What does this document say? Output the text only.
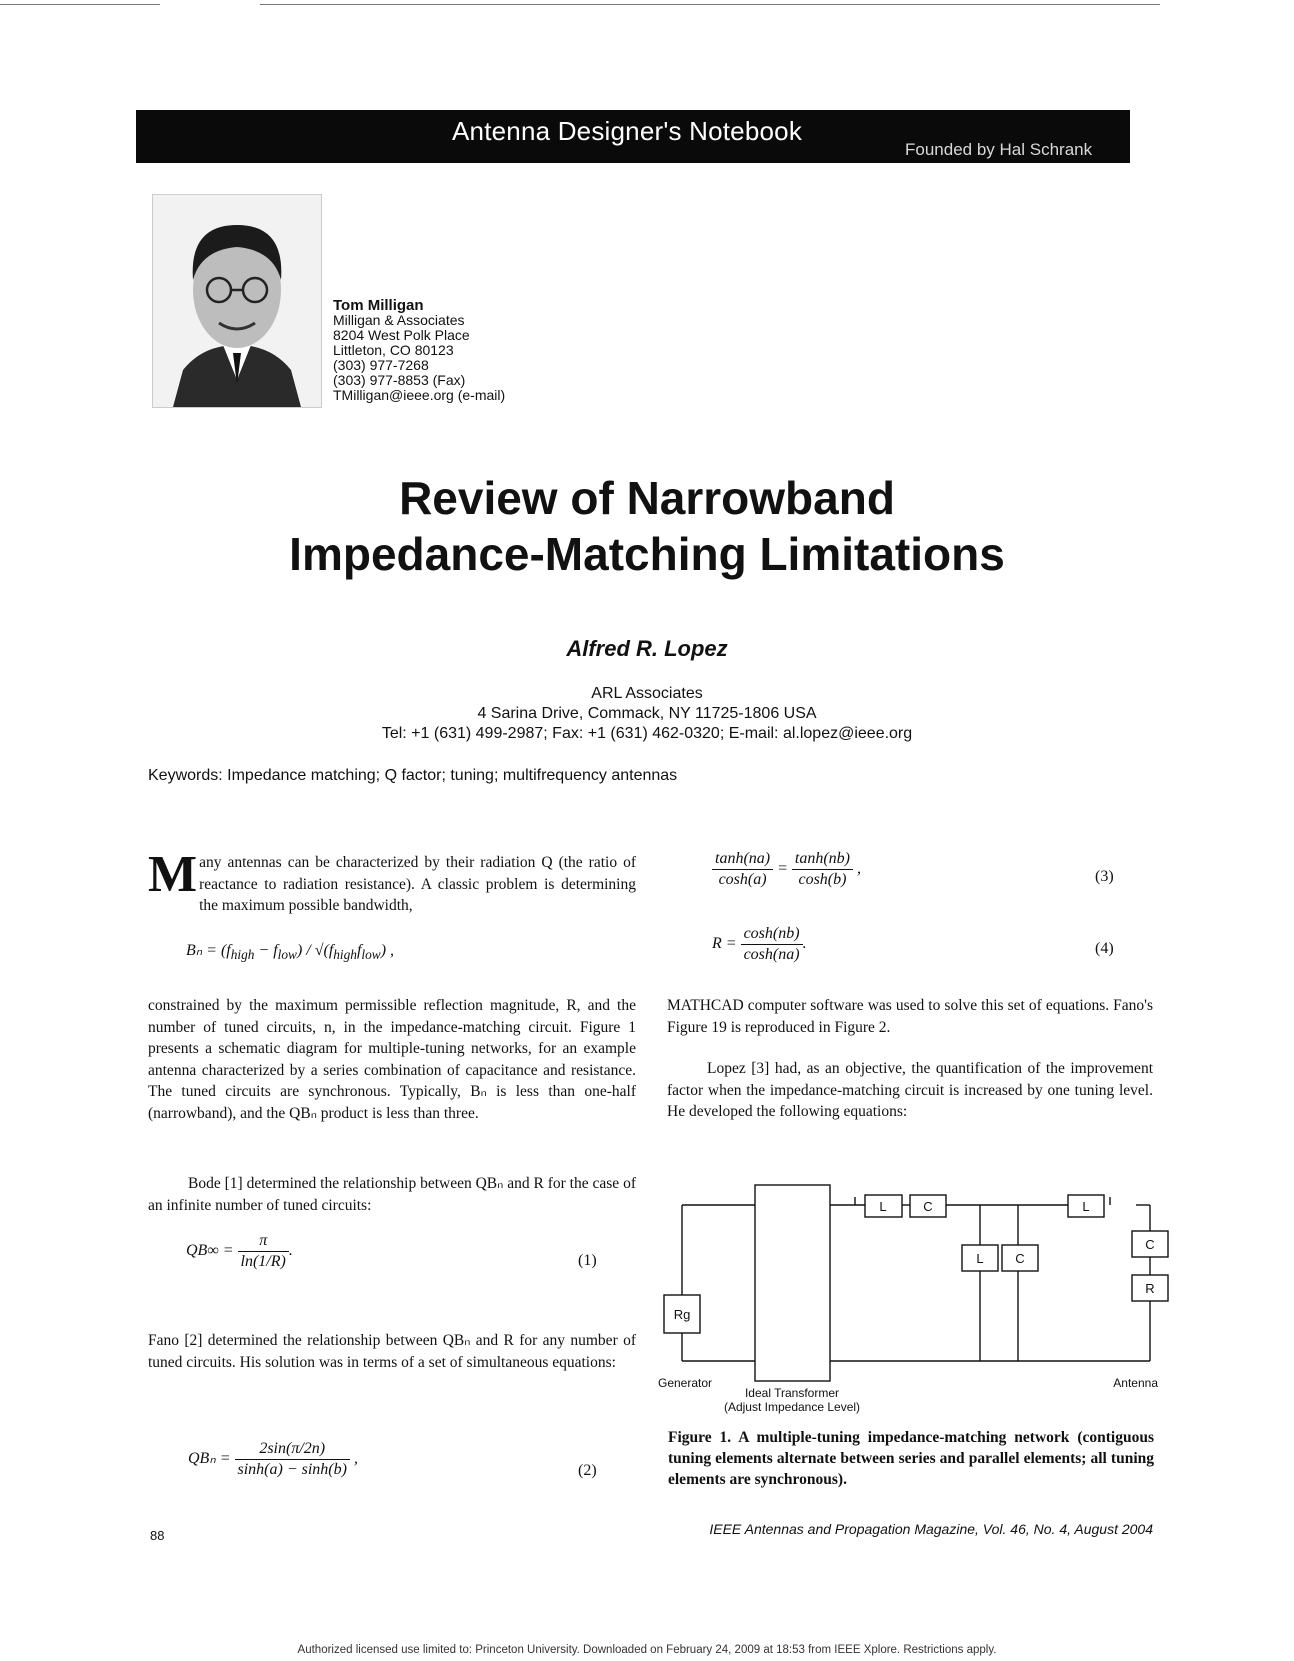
Antenna Designer's Notebook
Founded by Hal Schrank
Tom Milligan
Milligan & Associates
8204 West Polk Place
Littleton, CO 80123
(303) 977-7268
(303) 977-8853 (Fax)
TMilligan@ieee.org (e-mail)
Review of Narrowband
Impedance-Matching Limitations
Alfred R. Lopez
ARL Associates
4 Sarina Drive, Commack, NY 11725-1806 USA
Tel: +1 (631) 499-2987; Fax: +1 (631) 462-0320; E-mail: al.lopez@ieee.org
Keywords: Impedance matching; Q factor; tuning; multifrequency antennas
Many antennas can be characterized by their radiation Q (the ratio of reactance to radiation resistance). A classic problem is determining the maximum possible bandwidth,
$B_n = (f_{high} - f_{low}) / √(f_{high}f_{low})$ ,
constrained by the maximum permissible reflection magnitude, R, and the number of tuned circuits, n, in the impedance-matching circuit. Figure 1 presents a schematic diagram for multiple-tuning networks, for an example antenna characterized by a series combination of capacitance and resistance. The tuned circuits are synchronous. Typically, Bₙ is less than one-half (narrowband), and the QBₙ product is less than three.
Bode [1] determined the relationship between QBₙ and R for the case of an infinite number of tuned circuits:
$QB\infty = \frac{\pi}{\ln(1/R)}$ .
(1)
Fano [2] determined the relationship between QBₙ and R for any number of tuned circuits. His solution was in terms of a set of simultaneous equations:
$QB_n = \frac{2\sin(\pi/2n)}{\sinh(a) - \sinh(b)}$ ,
(2)
$\frac{\tanh(na)}{\cosh(a)} = \frac{\tanh(nb)}{\cosh(b)}$ ,	(3)
$R = \frac{\cosh(nb)}{\cosh(na)}$ .	(4)
MATHCAD computer software was used to solve this set of equations. Fano's Figure 19 is reproduced in Figure 2.
Lopez [3] had, as an objective, the quantification of the improvement factor when the impedance-matching circuit is increased by one tuning level. He developed the following equations:
Rg
L	C
L C
L
C
R
Generator
Ideal Transformer
(Adjust Impedance Level)
Antenna
Figure 1. A multiple-tuning impedance-matching network (contiguous tuning elements alternate between series and parallel elements; all tuning elements are synchronous).
88	IEEE Antennas and Propagation Magazine, Vol. 46, No. 4, August 2004
Authorized licensed use limited to: Princeton University. Downloaded on February 24, 2009 at 18:53 from IEEE Xplore. Restrictions apply.
